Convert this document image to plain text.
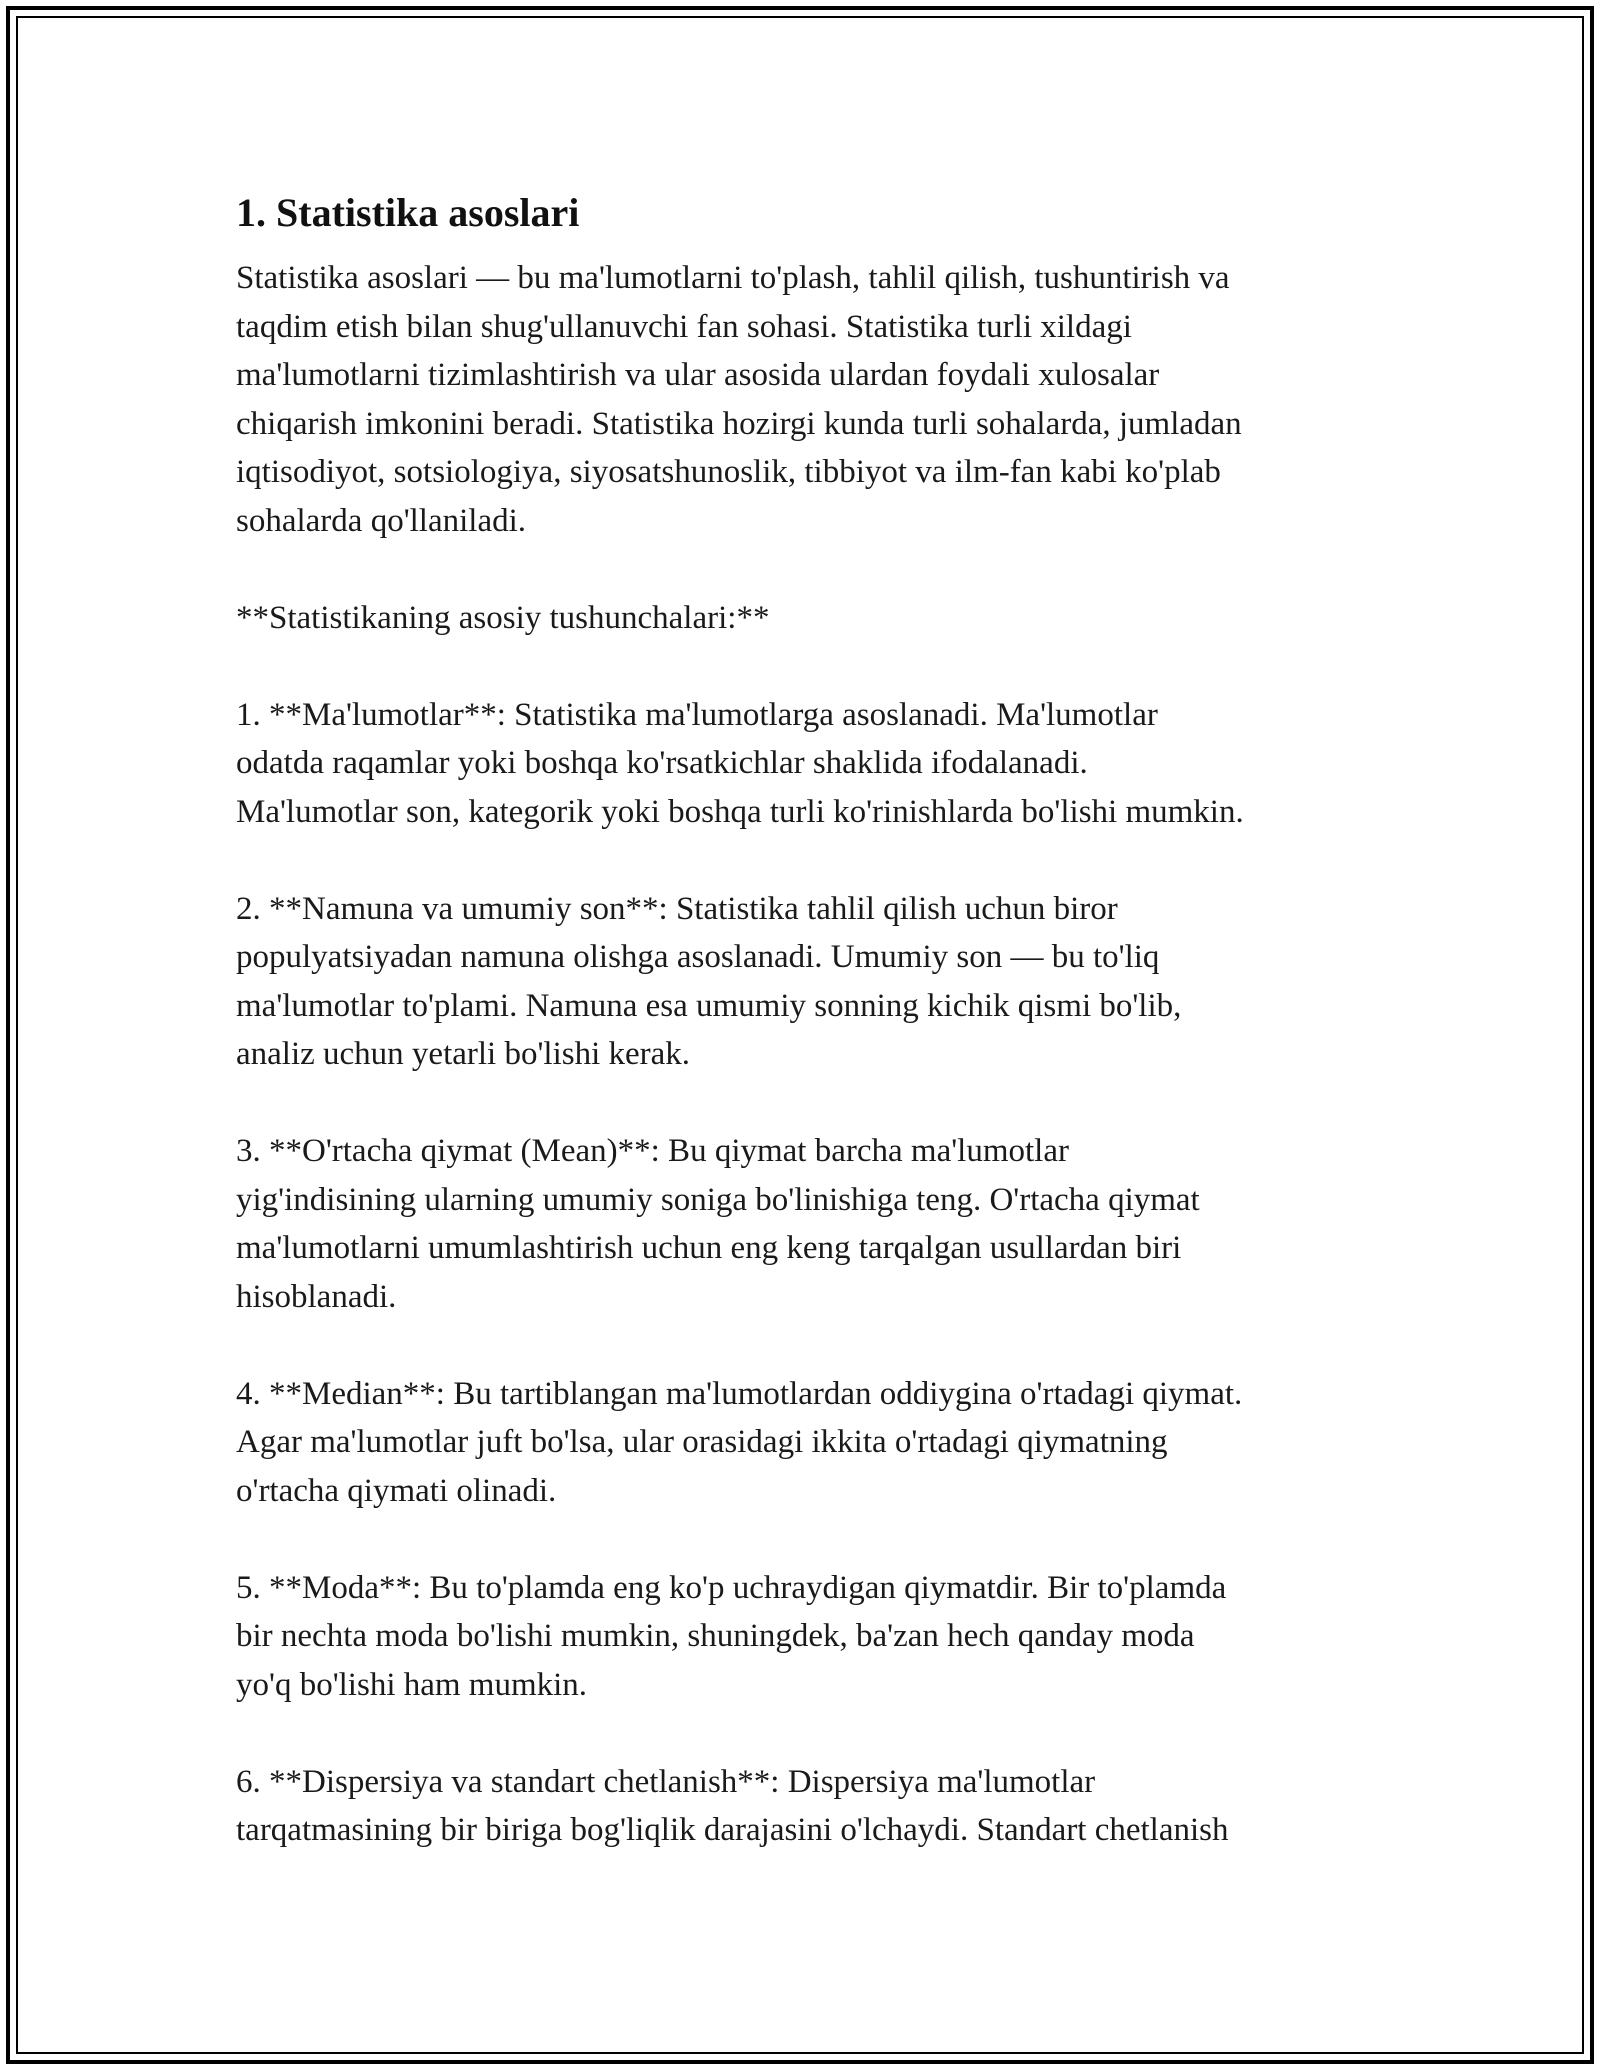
1. Statistika asoslari

Statistika asoslari — bu ma'lumotlarni to'plash, tahlil qilish, tushuntirish va
taqdim etish bilan shug'ullanuvchi fan sohasi. Statistika turli xildagi
ma'lumotlarni tizimlashtirish va ular asosida ulardan foydali xulosalar
chiqarish imkonini beradi. Statistika hozirgi kunda turli sohalarda, jumladan
iqtisodiyot, sotsiologiya, siyosatshunoslik, tibbiyot va ilm-fan kabi ko'plab
sohalarda qo'llaniladi.

**Statistikaning asosiy tushunchalari:**

1. **Ma'lumotlar**: Statistika ma'lumotlarga asoslanadi. Ma'lumotlar
odatda raqamlar yoki boshqa ko'rsatkichlar shaklida ifodalanadi.
Ma'lumotlar son, kategorik yoki boshqa turli ko'rinishlarda bo'lishi mumkin.

2. **Namuna va umumiy son**: Statistika tahlil qilish uchun biror
populyatsiyadan namuna olishga asoslanadi. Umumiy son — bu to'liq
ma'lumotlar to'plami. Namuna esa umumiy sonning kichik qismi bo'lib,
analiz uchun yetarli bo'lishi kerak.

3. **O'rtacha qiymat (Mean)**: Bu qiymat barcha ma'lumotlar
yig'indisining ularning umumiy soniga bo'linishiga teng. O'rtacha qiymat
ma'lumotlarni umumlashtirish uchun eng keng tarqalgan usullardan biri
hisoblanadi.

4. **Median**: Bu tartiblangan ma'lumotlardan oddiygina o'rtadagi qiymat.
Agar ma'lumotlar juft bo'lsa, ular orasidagi ikkita o'rtadagi qiymatning
o'rtacha qiymati olinadi.

5. **Moda**: Bu to'plamda eng ko'p uchraydigan qiymatdir. Bir to'plamda
bir nechta moda bo'lishi mumkin, shuningdek, ba'zan hech qanday moda
yo'q bo'lishi ham mumkin.

6. **Dispersiya va standart chetlanish**: Dispersiya ma'lumotlar
tarqatmasining bir biriga bog'liqlik darajasini o'lchaydi. Standart chetlanish
